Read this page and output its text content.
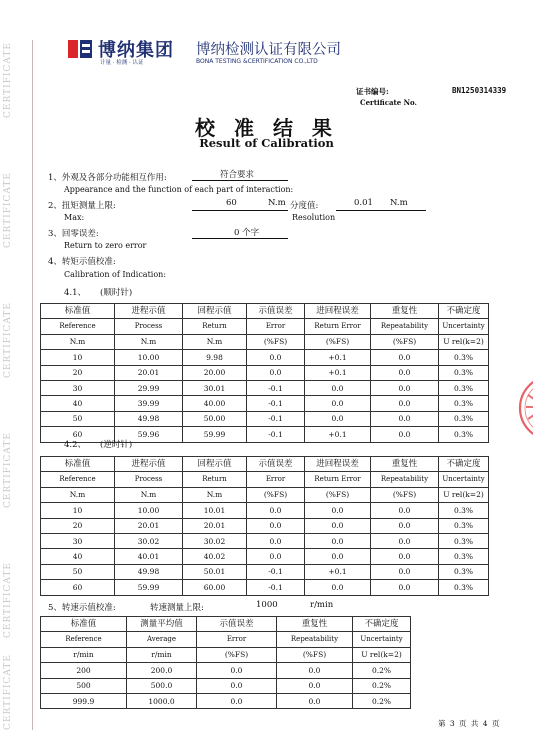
CERTIFICATE
CERTIFICATE
CERTIFICATE
CERTIFICATE
CERTIFICATE
CERTIFICATE
博纳集团
计量 · 检测 · 认证
博纳检测认证有限公司
BONA TESTING &CERTIFICATION CO.,LTD
证书编号:
Certificate No.
BN1250314339
校 准 结 果
Result of Calibration
1、外观及各部分功能相互作用:	符合要求
Appearance and the function of each part of interaction:
2、扭矩测量上限:	60	N.m 分度值:	0.01 N.m
Max:	Resolution
3、回零误差:	0 个字
Return to zero error
4、转矩示值校准:
Calibration of Indication:
4.1、 (顺时针)
标准值	进程示值	回程示值	示值误差	进回程误差	重复性	不确定度
Reference	Process	Return	Error	Return Error	Repeatability	Uncertainty
N.m	N.m	N.m	(%FS)	(%FS)	(%FS)	U rel(k=2)
10	10.00	9.98	0.0	+0.1	0.0	0.3%
20	20.01	20.00	0.0	+0.1	0.0	0.3%
30	29.99	30.01	-0.1	0.0	0.0	0.3%
40	39.99	40.00	-0.1	0.0	0.0	0.3%
50	49.98	50.00	-0.1	0.0	0.0	0.3%
60	59.96	59.99	-0.1	+0.1	0.0	0.3%
4.2、 (逆时针)
标准值	进程示值	回程示值	示值误差	进回程误差	重复性	不确定度
Reference	Process	Return	Error	Return Error	Repeatability	Uncertainty
N.m	N.m	N.m	(%FS)	(%FS)	(%FS)	U rel(k=2)
10	10.00	10.01	0.0	0.0	0.0	0.3%
20	20.01	20.01	0.0	0.0	0.0	0.3%
30	30.02	30.02	0.0	0.0	0.0	0.3%
40	40.01	40.02	0.0	0.0	0.0	0.3%
50	49.98	50.01	-0.1	+0.1	0.0	0.3%
60	59.99	60.00	-0.1	0.0	0.0	0.3%
5、转速示值校准:	转速测量上限:	1000	r/min
标准值	测量平均值	示值误差	重复性	不确定度
Reference	Average	Error	Repeatability	Uncertainty
r/min	r/min	(%FS)	(%FS)	U rel(k=2)
200	200.0	0.0	0.0	0.2%
500	500.0	0.0	0.0	0.2%
999.9	1000.0	0.0	0.0	0.2%
第 3 页 共 4 页
